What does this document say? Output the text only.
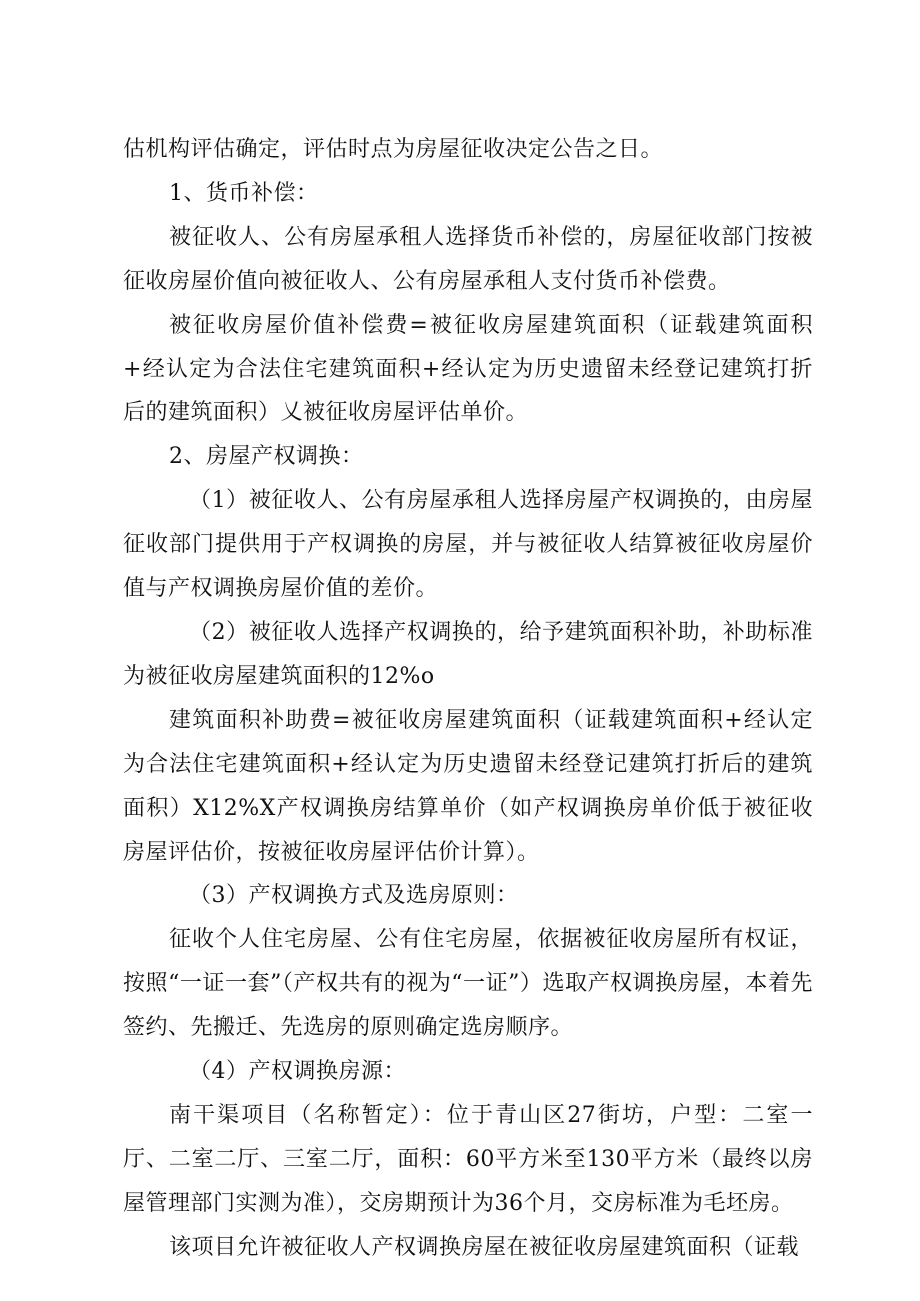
估机构评估确定，评估时点为房屋征收决定公告之日。

1、货币补偿：

被征收人、公有房屋承租人选择货币补偿的，房屋征收部门按被征收房屋价值向被征收人、公有房屋承租人支付货币补偿费。

被征收房屋价值补偿费=被征收房屋建筑面积（证载建筑面积+经认定为合法住宅建筑面积+经认定为历史遗留未经登记建筑打折后的建筑面积）乂被征收房屋评估单价。

2、房屋产权调换：

（1）被征收人、公有房屋承租人选择房屋产权调换的，由房屋征收部门提供用于产权调换的房屋，并与被征收人结算被征收房屋价值与产权调换房屋价值的差价。

（2）被征收人选择产权调换的，给予建筑面积补助，补助标准为被征收房屋建筑面积的12%o

建筑面积补助费=被征收房屋建筑面积（证载建筑面积+经认定为合法住宅建筑面积+经认定为历史遗留未经登记建筑打折后的建筑面积）X12%X产权调换房结算单价（如产权调换房单价低于被征收房屋评估价，按被征收房屋评估价计算）。

（3）产权调换方式及选房原则：

征收个人住宅房屋、公有住宅房屋，依据被征收房屋所有权证，按照“一证一套”（产权共有的视为“一证”）选取产权调换房屋，本着先签约、先搬迁、先选房的原则确定选房顺序。

（4）产权调换房源：

南干渠项目（名称暂定）：位于青山区27街坊，户型：二室一厅、二室二厅、三室二厅，面积：60平方米至130平方米（最终以房屋管理部门实测为准），交房期预计为36个月，交房标准为毛坯房。

该项目允许被征收人产权调换房屋在被征收房屋建筑面积（证载
